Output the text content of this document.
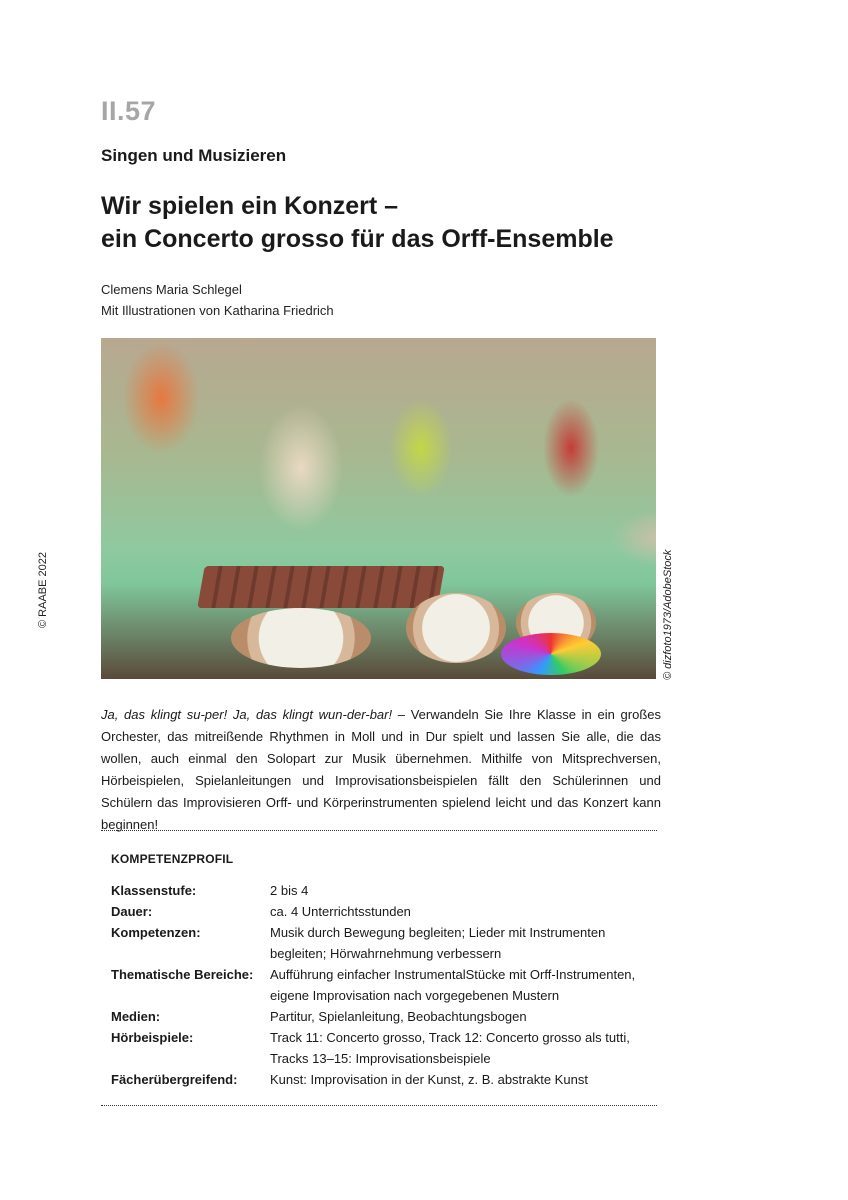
II.57
Singen und Musizieren
Wir spielen ein Konzert –
ein Concerto grosso für das Orff-Ensemble
Clemens Maria Schlegel
Mit Illustrationen von Katharina Friedrich
© dizfoto1973/AdobeStock
© RAABE 2022

Ja, das klingt su-per! Ja, das klingt wun-der-bar! – Verwandeln Sie Ihre Klasse in ein großes Orchester, das mitreißende Rhythmen in Moll und in Dur spielt und lassen Sie alle, die das wollen, auch einmal den Solopart zur Musik übernehmen. Mithilfe von Mitsprechversen, Hörbeispielen, Spielanleitungen und Improvisationsbeispielen fällt den Schülerinnen und Schülern das Improvisieren Orff- und Körperinstrumenten spielend leicht und das Konzert kann beginnen!

KOMPETENZPROFIL
Klassenstufe:	2 bis 4
Dauer:	ca. 4 Unterrichtsstunden
Kompetenzen:	Musik durch Bewegung begleiten; Lieder mit Instrumenten begleiten; Hörwahrnehmung verbessern
Thematische Bereiche:	Aufführung einfacher InstrumentalStücke mit Orff-Instrumenten, eigene Improvisation nach vorgegebenen Mustern
Medien:	Partitur, Spielanleitung, Beobachtungsbogen
Hörbeispiele:	Track 11: Concerto grosso, Track 12: Concerto grosso als tutti, Tracks 13–15: Improvisationsbeispiele
Fächerübergreifend:	Kunst: Improvisation in der Kunst, z. B. abstrakte Kunst
